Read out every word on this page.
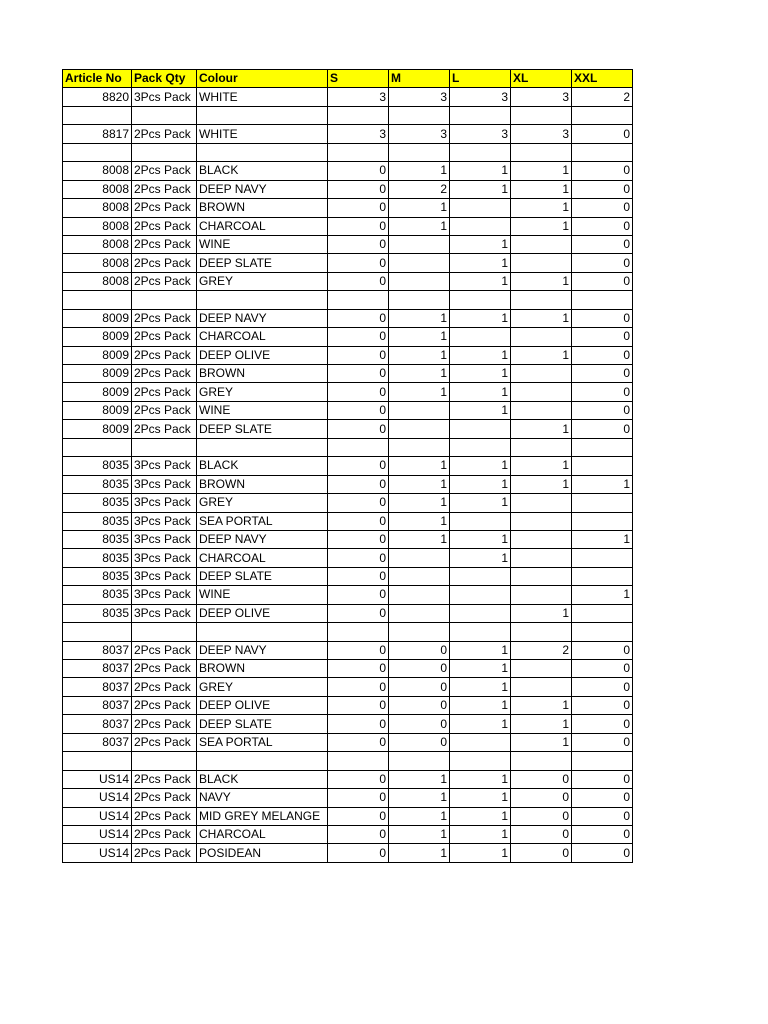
Article No	Pack Qty	Colour	S	M	L	XL	XXL
8820	3Pcs Pack	WHITE	3	3	3	3	2

8817	2Pcs Pack	WHITE	3	3	3	3	0

8008	2Pcs Pack	BLACK	0	1	1	1	0
8008	2Pcs Pack	DEEP NAVY	0	2	1	1	0
8008	2Pcs Pack	BROWN	0	1		1	0
8008	2Pcs Pack	CHARCOAL	0	1		1	0
8008	2Pcs Pack	WINE	0		1		0
8008	2Pcs Pack	DEEP SLATE	0		1		0
8008	2Pcs Pack	GREY	0		1	1	0

8009	2Pcs Pack	DEEP NAVY	0	1	1	1	0
8009	2Pcs Pack	CHARCOAL	0	1			0
8009	2Pcs Pack	DEEP OLIVE	0	1	1	1	0
8009	2Pcs Pack	BROWN	0	1	1		0
8009	2Pcs Pack	GREY	0	1	1		0
8009	2Pcs Pack	WINE	0		1		0
8009	2Pcs Pack	DEEP SLATE	0			1	0

8035	3Pcs Pack	BLACK	0	1	1	1	
8035	3Pcs Pack	BROWN	0	1	1	1	1
8035	3Pcs Pack	GREY	0	1	1		
8035	3Pcs Pack	SEA PORTAL	0	1			
8035	3Pcs Pack	DEEP NAVY	0	1	1		1
8035	3Pcs Pack	CHARCOAL	0		1		
8035	3Pcs Pack	DEEP SLATE	0				
8035	3Pcs Pack	WINE	0				1
8035	3Pcs Pack	DEEP OLIVE	0			1	

8037	2Pcs Pack	DEEP NAVY	0	0	1	2	0
8037	2Pcs Pack	BROWN	0	0	1		0
8037	2Pcs Pack	GREY	0	0	1		0
8037	2Pcs Pack	DEEP OLIVE	0	0	1	1	0
8037	2Pcs Pack	DEEP SLATE	0	0	1	1	0
8037	2Pcs Pack	SEA PORTAL	0	0		1	0

US14	2Pcs Pack	BLACK	0	1	1	0	0
US14	2Pcs Pack	NAVY	0	1	1	0	0
US14	2Pcs Pack	MID GREY MELANGE	0	1	1	0	0
US14	2Pcs Pack	CHARCOAL	0	1	1	0	0
US14	2Pcs Pack	POSIDEAN	0	1	1	0	0
